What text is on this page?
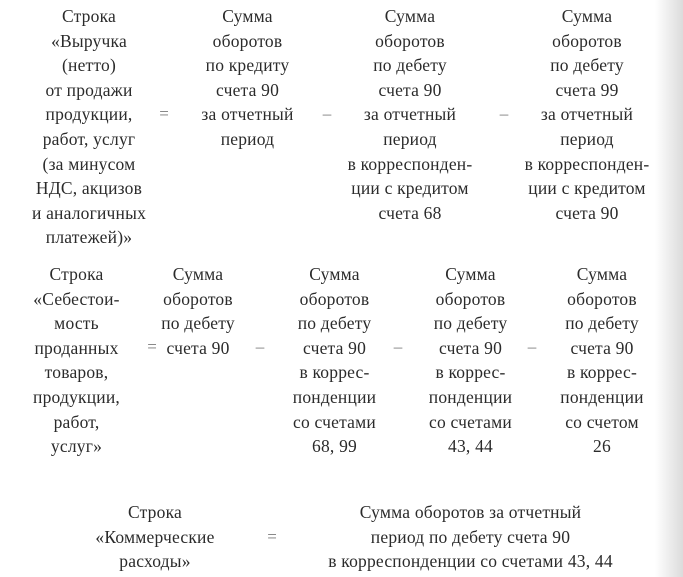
Строка
«Выручка
(нетто)
от продажи
продукции,
работ, услуг
(за минусом
НДС, акцизов
и аналогичных
платежей)»
=
Сумма
оборотов
по кредиту
счета 90
за отчетный
период
–
Сумма
оборотов
по дебету
счета 90
за отчетный
период
в корреспонден-
ции с кредитом
счета 68
–
Сумма
оборотов
по дебету
счета 99
за отчетный
период
в корреспонден-
ции с кредитом
счета 90
Строка
«Себестои-
мость
проданных
товаров,
продукции,
работ,
услуг»
=
Сумма
оборотов
по дебету
счета 90	–
Сумма
оборотов
по дебету
счета 90
в коррес-
понденции
со счетами
68, 99
–
Сумма
оборотов
по дебету
счета 90
в коррес-
понденции
со счетами
43, 44
–
Сумма
оборотов
по дебету
счета 90
в коррес-
понденции
со счетом
26
Строка
«Коммерческие
расходы»
=
Сумма оборотов за отчетный
период по дебету счета 90
в корреспонденции со счетами 43, 44
